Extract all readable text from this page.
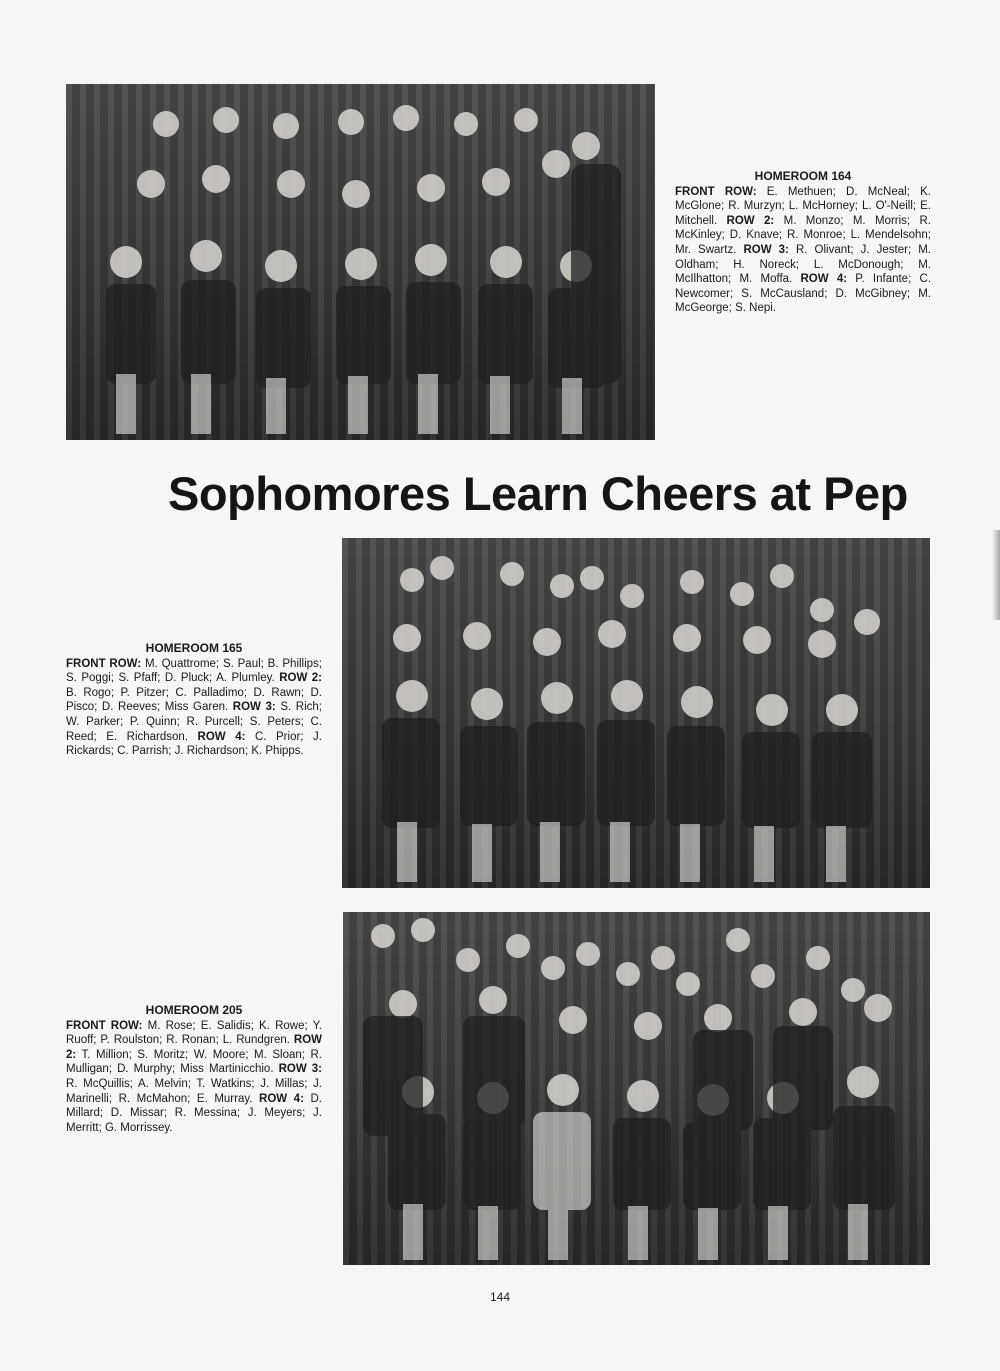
HOMEROOM 164
FRONT ROW: E. Methuen; D. McNeal; K. McGlone; R. Murzyn; L. McHorney; L. O'-Neill; E. Mitchell. ROW 2: M. Monzo; M. Morris; R. McKinley; D. Knave; R. Monroe; L. Mendelsohn; Mr. Swartz. ROW 3: R. Olivant; J. Jester; M. Oldham; H. Noreck; L. McDonough; M. McIlhatton; M. Moffa. ROW 4: P. Infante; C. Newcomer; S. McCausland; D. McGibney; M. McGeorge; S. Nepi.
Sophomores Learn Cheers at Pep
HOMEROOM 165
FRONT ROW: M. Quattrome; S. Paul; B. Phillips; S. Poggi; S. Pfaff; D. Pluck; A. Plumley. ROW 2: B. Rogo; P. Pitzer; C. Palladimo; D. Rawn; D. Pisco; D. Reeves; Miss Garen. ROW 3: S. Rich; W. Parker; P. Quinn; R. Purcell; S. Peters; C. Reed; E. Richardson. ROW 4: C. Prior; J. Rickards; C. Parrish; J. Richardson; K. Phipps.
HOMEROOM 205
FRONT ROW: M. Rose; E. Salidis; K. Rowe; Y. Ruoff; P. Roulston; R. Ronan; L. Rundgren. ROW 2: T. Million; S. Moritz; W. Moore; M. Sloan; R. Mulligan; D. Murphy; Miss Martinicchio. ROW 3: R. McQuillis; A. Melvin; T. Watkins; J. Millas; J. Marinelli; R. McMahon; E. Murray. ROW 4: D. Millard; D. Missar; R. Messina; J. Meyers; J. Merritt; G. Morrissey.
144
